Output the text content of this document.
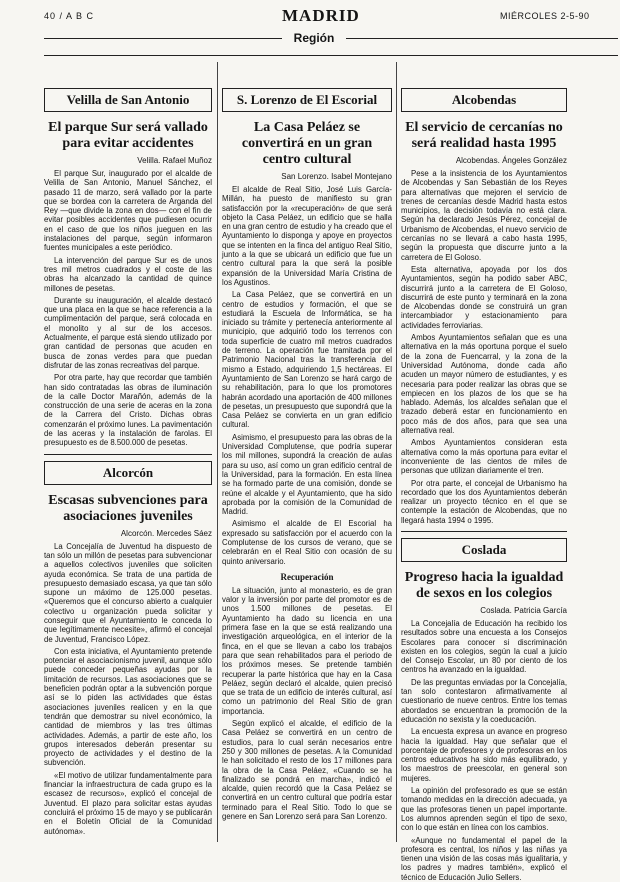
40 / A B C	MADRID	MIÉRCOLES 2-5-90
Región
Velilla de San Antonio
El parque Sur será vallado para evitar accidentes
Velilla. Rafael Muñoz

El parque Sur, inaugurado por el alcalde de Velilla de San Antonio, Manuel Sánchez, el pasado 11 de marzo, será vallado por la parte que se bordea con la carretera de Arganda del Rey —que divide la zona en dos— con el fin de evitar posibles accidentes que pudiesen ocurrir en el caso de que los niños jueguen en las instalaciones del parque, según informaron fuentes municipales a este periódico.

La intervención del parque Sur es de unos tres mil metros cuadrados y el coste de las obras ha alcanzado la cantidad de quince millones de pesetas.

Durante su inauguración, el alcalde destacó que una placa en la que se hace referencia a la cumplimentación del parque, será colocada en el monolito y al sur de los accesos. Actualmente, el parque está siendo utilizado por gran cantidad de personas que acuden en busca de zonas verdes para que puedan disfrutar de las zonas recreativas del parque.

Por otra parte, hay que recordar que también han sido contratadas las obras de iluminación de la calle Doctor Marañón, además de la construcción de una serie de aceras en la zona de la Carrera del Cristo. Dichas obras comenzarán el próximo lunes. La pavimentación de las aceras y la instalación de farolas. El presupuesto es de 8.500.000 de pesetas.

Alcorcón
Escasas subvenciones para asociaciones juveniles
Alcorcón. Mercedes Sáez

La Concejalía de Juventud ha dispuesto de tan sólo un millón de pesetas para subvencionar a aquellos colectivos juveniles que soliciten ayuda económica. Se trata de una partida de presupuesto demasiado escasa, ya que tan sólo supone un máximo de 125.000 pesetas. «Queremos que el concurso abierto a cualquier colectivo u organización pueda solicitar y conseguir que el Ayuntamiento le conceda lo que legítimamente necesite», afirmó el concejal de Juventud, Francisco López.

Con esta iniciativa, el Ayuntamiento pretende potenciar el asociacionismo juvenil, aunque sólo puede conceder pequeñas ayudas por la limitación de recursos. Las asociaciones que se beneficien podrán optar a la subvención porque así se lo piden las actividades que éstas asociaciones juveniles realicen y en la que tendrán que demostrar su nivel económico, la cantidad de miembros y las tres últimas actividades. Además, a partir de este año, los grupos interesados deberán presentar su proyecto de actividades y el destino de la subvención.

«El motivo de utilizar fundamentalmente para financiar la infraestructura de cada grupo es la escasez de recursos», explicó el concejal de Juventud. El plazo para solicitar estas ayudas concluirá el próximo 15 de mayo y se publicarán en el Boletín Oficial de la Comunidad autónoma».

S. Lorenzo de El Escorial
La Casa Peláez se convertirá en un gran centro cultural
San Lorenzo. Isabel Montejano

El alcalde de Real Sitio, José Luis García-Millán, ha puesto de manifiesto su gran satisfacción por la «recuperación» de que será objeto la Casa Peláez, un edificio que se halla en una gran centro de estudio y ha creado que el Ayuntamiento lo disponga y apoye en proyectos que se intenten en la finca del antiguo Real Sitio, junto a la que se ubicará un edificio que fue un centro cultural para la que será la posible expansión de la Universidad María Cristina de los Agustinos.

La Casa Peláez, que se convertirá en un centro de estudios y formación, el que se estudiará la Escuela de Informática, se ha iniciado su trámite y pertenecía anteriormente al municipio, que adquirió todo los terrenos con toda superficie de cuatro mil metros cuadrados de terreno. La operación fue tramitada por el Patrimonio Nacional tras la transferencia del mismo a Estado, adquiriendo 1,5 hectáreas. El Ayuntamiento de San Lorenzo se hará cargo de su rehabilitación, para lo que los promotores habrán acordado una aportación de 400 millones de pesetas, un presupuesto que supondrá que la Casa Peláez se convierta en un gran edificio cultural.

Asimismo, el presupuesto para las obras de la Universidad Complutense, que podría superar los mil millones, supondrá la creación de aulas para su uso, así como un gran edificio central de la Universidad, para la formación. En esta línea se ha formado parte de una comisión, donde se reúne el alcalde y el Ayuntamiento, que ha sido aprobada por la comisión de la Comunidad de Madrid.

Asimismo el alcalde de El Escorial ha expresado su satisfacción por el acuerdo con la Complutense de los cursos de verano, que se celebrarán en el Real Sitio con ocasión de su quinto aniversario.

Recuperación

La situación, junto al monasterio, es de gran valor y la inversión por parte del promotor es de unos 1.500 millones de pesetas. El Ayuntamiento ha dado su licencia en una primera fase en la que se está realizando una investigación arqueológica, en el interior de la finca, en el que se llevan a cabo los trabajos para que sean rehabilitados para el periodo de los próximos meses. Se pretende también recuperar la parte histórica que hay en la Casa Peláez, según declaró el alcalde, quien precisó que se trata de un edificio de interés cultural, así como un patrimonio del Real Sitio de gran importancia.

Según explicó el alcalde, el edificio de la Casa Peláez se convertirá en un centro de estudios, para lo cual serán necesarios entre 250 y 300 millones de pesetas. A la Comunidad le han solicitado el resto de los 17 millones para la obra de la Casa Peláez, «Cuando se ha finalizado se pondrá en marcha», indicó el alcalde, quien recordó que la Casa Peláez se convertirá en un centro cultural que podría estar terminado para el Real Sitio. Todo lo que se genere en San Lorenzo será para San Lorenzo.

Alcobendas
El servicio de cercanías no será realidad hasta 1995
Alcobendas. Ángeles González

Pese a la insistencia de los Ayuntamientos de Alcobendas y San Sebastián de los Reyes para alternativas que mejoren el servicio de trenes de cercanías desde Madrid hasta estos municipios, la decisión todavía no está clara. Según ha declarado Jesús Pérez, concejal de Urbanismo de Alcobendas, el nuevo servicio de cercanías no se llevará a cabo hasta 1995, según la propuesta que discurre junto a la carretera de El Goloso.

Esta alternativa, apoyada por los dos Ayuntamientos, según ha podido saber ABC, discurrirá junto a la carretera de El Goloso, discurrirá de este punto y terminará en la zona de Alcobendas donde se construirá un gran intercambiador y estacionamiento para actividades ferroviarias.

Ambos Ayuntamientos señalan que es una alternativa en la más oportuna porque el suelo de la zona de Fuencarral, y la zona de la Universidad Autónoma, donde cada año acuden un mayor número de estudiantes, y es necesaria para poder realizar las obras que se empiecen en los plazos de los que se ha hablado. Además, los alcaldes señalan que el trazado deberá estar en funcionamiento en poco más de dos años, para que sea una alternativa real.

Ambos Ayuntamientos consideran esta alternativa como la más oportuna para evitar el inconveniente de las cientos de miles de personas que utilizan diariamente el tren.

Por otra parte, el concejal de Urbanismo ha recordado que los dos Ayuntamientos deberán realizar un proyecto técnico en el que se contemple la estación de Alcobendas, que no llegará hasta 1994 o 1995.

Coslada
Progreso hacia la igualdad de sexos en los colegios
Coslada. Patricia García

La Concejalía de Educación ha recibido los resultados sobre una encuesta a los Consejos Escolares para conocer si discriminación existen en los colegios, según la cual a juicio del Consejo Escolar, un 80 por ciento de los centros ha avanzado en la igualdad.

De las preguntas enviadas por la Concejalía, tan solo contestaron afirmativamente al cuestionario de nueve centros. Entre los temas abordados se encuentran la promoción de la educación no sexista y la coeducación.

La encuesta expresa un avance en progreso hacia la igualdad. Hay que señalar que el porcentaje de profesores y de profesoras en los centros educativos ha sido más equilibrado, y los maestros de preescolar, en general son mujeres.

La opinión del profesorado es que se están tomando medidas en la dirección adecuada, ya que las profesoras tienen un papel importante. Los alumnos aprenden según el tipo de sexo, con lo que están en línea con los cambios.

«Aunque no fundamental el papel de la profesora es central, los niños y las niñas ya tienen una visión de las cosas más igualitaria, y los padres y madres también», explicó el técnico de Educación Julio Sellers.
